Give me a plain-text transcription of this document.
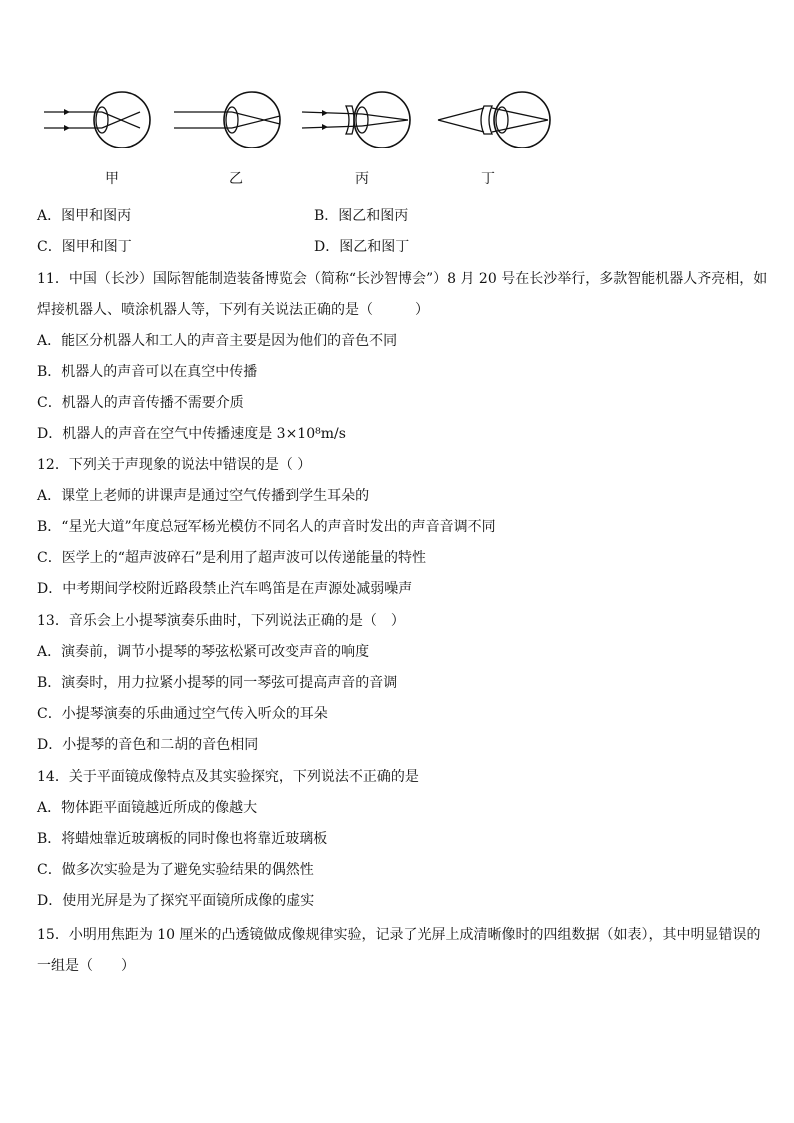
甲	乙	丙	丁
A．图甲和图丙	B．图乙和图丙
C．图甲和图丁	D．图乙和图丁
11．中国（长沙）国际智能制造装备博览会（简称“长沙智博会”）8 月 20 号在长沙举行，多款智能机器人齐亮相，如
焊接机器人、喷涂机器人等，下列有关说法正确的是（　　　）
A．能区分机器人和工人的声音主要是因为他们的音色不同
B．机器人的声音可以在真空中传播
C．机器人的声音传播不需要介质
D．机器人的声音在空气中传播速度是 3×10⁸m/s
12．下列关于声现象的说法中错误的是（ ）
A．课堂上老师的讲课声是通过空气传播到学生耳朵的
B．“星光大道”年度总冠军杨光模仿不同名人的声音时发出的声音音调不同
C．医学上的“超声波碎石”是利用了超声波可以传递能量的特性
D．中考期间学校附近路段禁止汽车鸣笛是在声源处减弱噪声
13．音乐会上小提琴演奏乐曲时，下列说法正确的是（　）
A．演奏前，调节小提琴的琴弦松紧可改变声音的响度
B．演奏时，用力拉紧小提琴的同一琴弦可提高声音的音调
C．小提琴演奏的乐曲通过空气传入听众的耳朵
D．小提琴的音色和二胡的音色相同
14．关于平面镜成像特点及其实验探究，下列说法不正确的是
A．物体距平面镜越近所成的像越大
B．将蜡烛靠近玻璃板的同时像也将靠近玻璃板
C．做多次实验是为了避免实验结果的偶然性
D．使用光屏是为了探究平面镜所成像的虚实
15．小明用焦距为 10 厘米的凸透镜做成像规律实验，记录了光屏上成清晰像时的四组数据（如表），其中明显错误的
一组是（　　）
